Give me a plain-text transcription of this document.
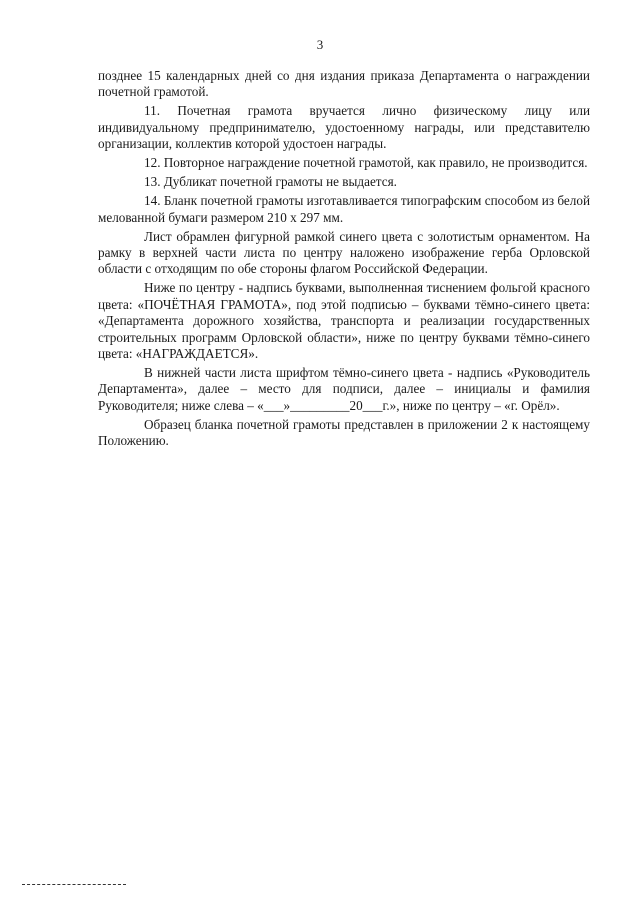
3

позднее 15 календарных дней со дня издания приказа Департамента о награждении почетной грамотой.

11. Почетная грамота вручается лично физическому лицу или индивидуальному предпринимателю, удостоенному награды, или представителю организации, коллектив которой удостоен награды.

12. Повторное награждение почетной грамотой, как правило, не производится.

13. Дубликат почетной грамоты не выдается.

14. Бланк почетной грамоты изготавливается типографским способом из белой мелованной бумаги размером 210 х 297 мм.

Лист обрамлен фигурной рамкой синего цвета с золотистым орнаментом. На рамку в верхней части листа по центру наложено изображение герба Орловской области с отходящим по обе стороны флагом Российской Федерации.

Ниже по центру - надпись буквами, выполненная тиснением фольгой красного цвета: «ПОЧЁТНАЯ ГРАМОТА», под этой подписью – буквами тёмно-синего цвета: «Департамента дорожного хозяйства, транспорта и реализации государственных строительных программ Орловской области», ниже по центру буквами тёмно-синего цвета: «НАГРАЖДАЕТСЯ».

В нижней части листа шрифтом тёмно-синего цвета - надпись «Руководитель Департамента», далее – место для подписи, далее – инициалы и фамилия Руководителя; ниже слева – «___»_________20___г.», ниже по центру – «г. Орёл».

Образец бланка почетной грамоты представлен в приложении 2 к настоящему Положению.
